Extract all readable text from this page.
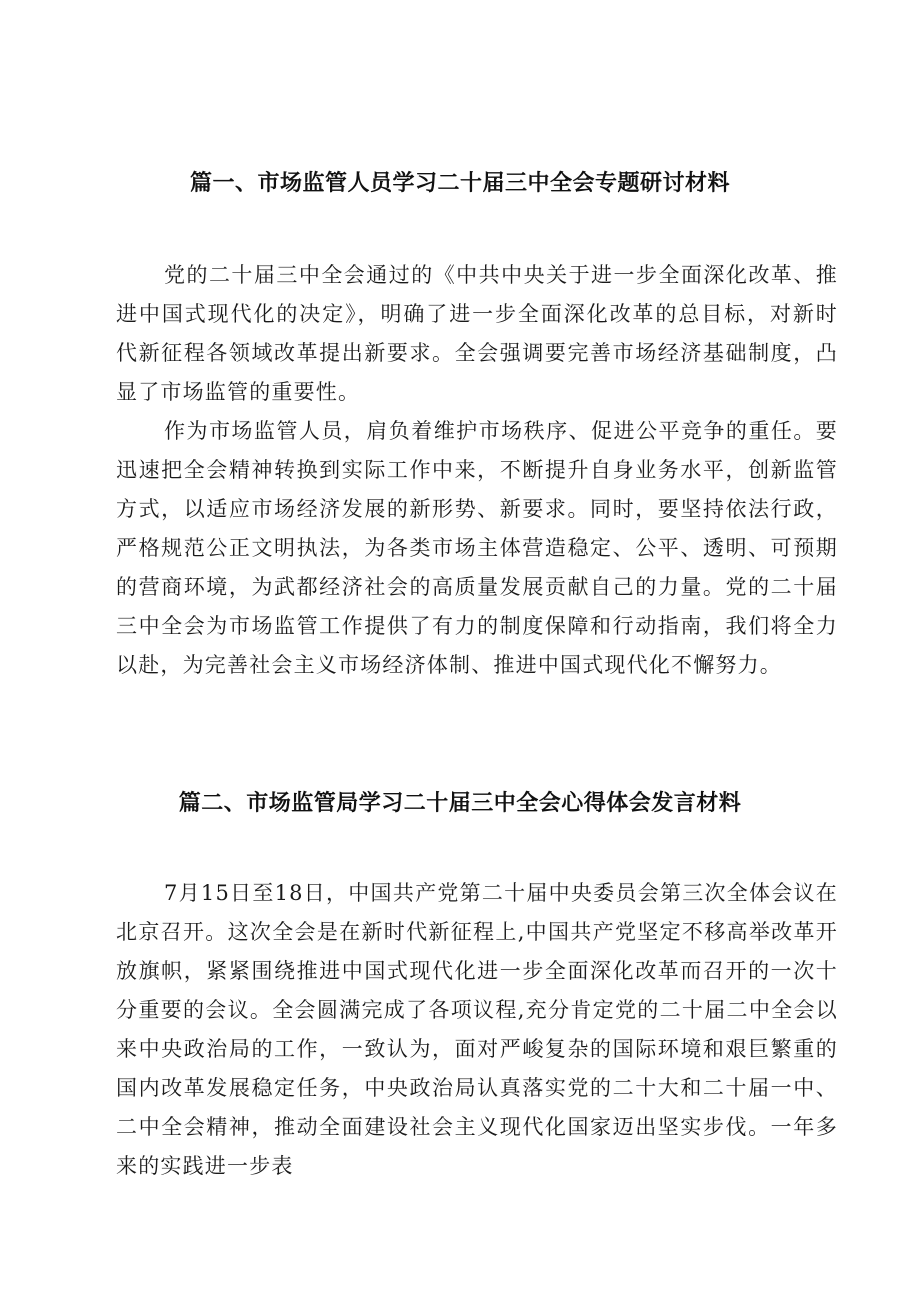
篇一、市场监管人员学习二十届三中全会专题研讨材料

党的二十届三中全会通过的《中共中央关于进一步全面深化改革、推进中国式现代化的决定》，明确了进一步全面深化改革的总目标，对新时代新征程各领域改革提出新要求。全会强调要完善市场经济基础制度，凸显了市场监管的重要性。

作为市场监管人员，肩负着维护市场秩序、促进公平竞争的重任。要迅速把全会精神转换到实际工作中来，不断提升自身业务水平，创新监管方式，以适应市场经济发展的新形势、新要求。同时，要坚持依法行政，严格规范公正文明执法，为各类市场主体营造稳定、公平、透明、可预期的营商环境，为武都经济社会的高质量发展贡献自己的力量。党的二十届三中全会为市场监管工作提供了有力的制度保障和行动指南，我们将全力以赴，为完善社会主义市场经济体制、推进中国式现代化不懈努力。

篇二、市场监管局学习二十届三中全会心得体会发言材料

7月15日至18日，中国共产党第二十届中央委员会第三次全体会议在北京召开。这次全会是在新时代新征程上,中国共产党坚定不移高举改革开放旗帜，紧紧围绕推进中国式现代化进一步全面深化改革而召开的一次十分重要的会议。全会圆满完成了各项议程,充分肯定党的二十届二中全会以来中央政治局的工作，一致认为，面对严峻复杂的国际环境和艰巨繁重的国内改革发展稳定任务，中央政治局认真落实党的二十大和二十届一中、二中全会精神，推动全面建设社会主义现代化国家迈出坚实步伐。一年多来的实践进一步表
